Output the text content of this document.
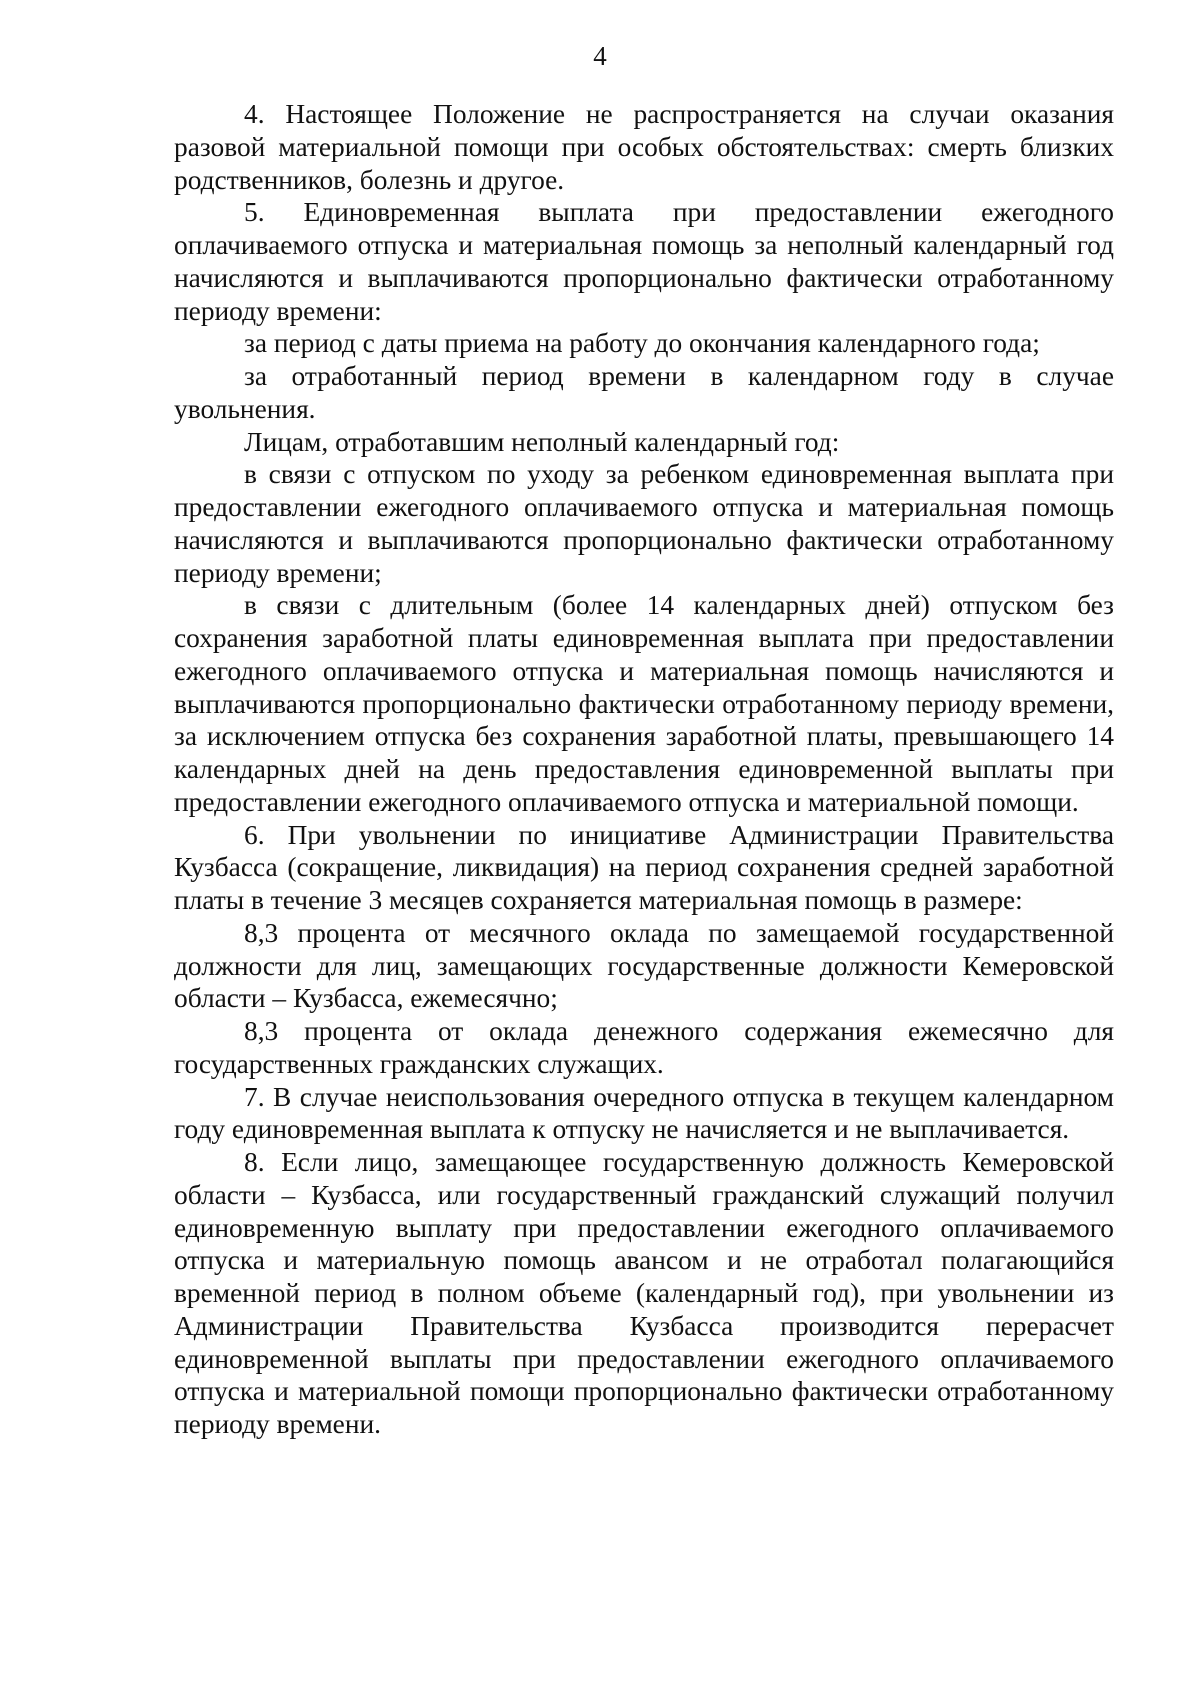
4

4. Настоящее Положение не распространяется на случаи оказания разовой материальной помощи при особых обстоятельствах: смерть близких родственников, болезнь и другое.

5. Единовременная выплата при предоставлении ежегодного оплачиваемого отпуска и материальная помощь за неполный календарный год начисляются и выплачиваются пропорционально фактически отработанному периоду времени:

за период с даты приема на работу до окончания календарного года;

за отработанный период времени в календарном году в случае увольнения.

Лицам, отработавшим неполный календарный год:

в связи с отпуском по уходу за ребенком единовременная выплата при предоставлении ежегодного оплачиваемого отпуска и материальная помощь начисляются и выплачиваются пропорционально фактически отработанному периоду времени;

в связи с длительным (более 14 календарных дней) отпуском без сохранения заработной платы единовременная выплата при предоставлении ежегодного оплачиваемого отпуска и материальная помощь начисляются и выплачиваются пропорционально фактически отработанному периоду времени, за исключением отпуска без сохранения заработной платы, превышающего 14 календарных дней на день предоставления единовременной выплаты при предоставлении ежегодного оплачиваемого отпуска и материальной помощи.

6. При увольнении по инициативе Администрации Правительства Кузбасса (сокращение, ликвидация) на период сохранения средней заработной платы в течение 3 месяцев сохраняется материальная помощь в размере:

8,3 процента от месячного оклада по замещаемой государственной должности для лиц, замещающих государственные должности Кемеровской области – Кузбасса, ежемесячно;

8,3 процента от оклада денежного содержания ежемесячно для государственных гражданских служащих.

7. В случае неиспользования очередного отпуска в текущем календарном году единовременная выплата к отпуску не начисляется и не выплачивается.

8. Если лицо, замещающее государственную должность Кемеровской области – Кузбасса, или государственный гражданский служащий получил единовременную выплату при предоставлении ежегодного оплачиваемого отпуска и материальную помощь авансом и не отработал полагающийся временной период в полном объеме (календарный год), при увольнении из Администрации Правительства Кузбасса производится перерасчет единовременной выплаты при предоставлении ежегодного оплачиваемого отпуска и материальной помощи пропорционально фактически отработанному периоду времени.
